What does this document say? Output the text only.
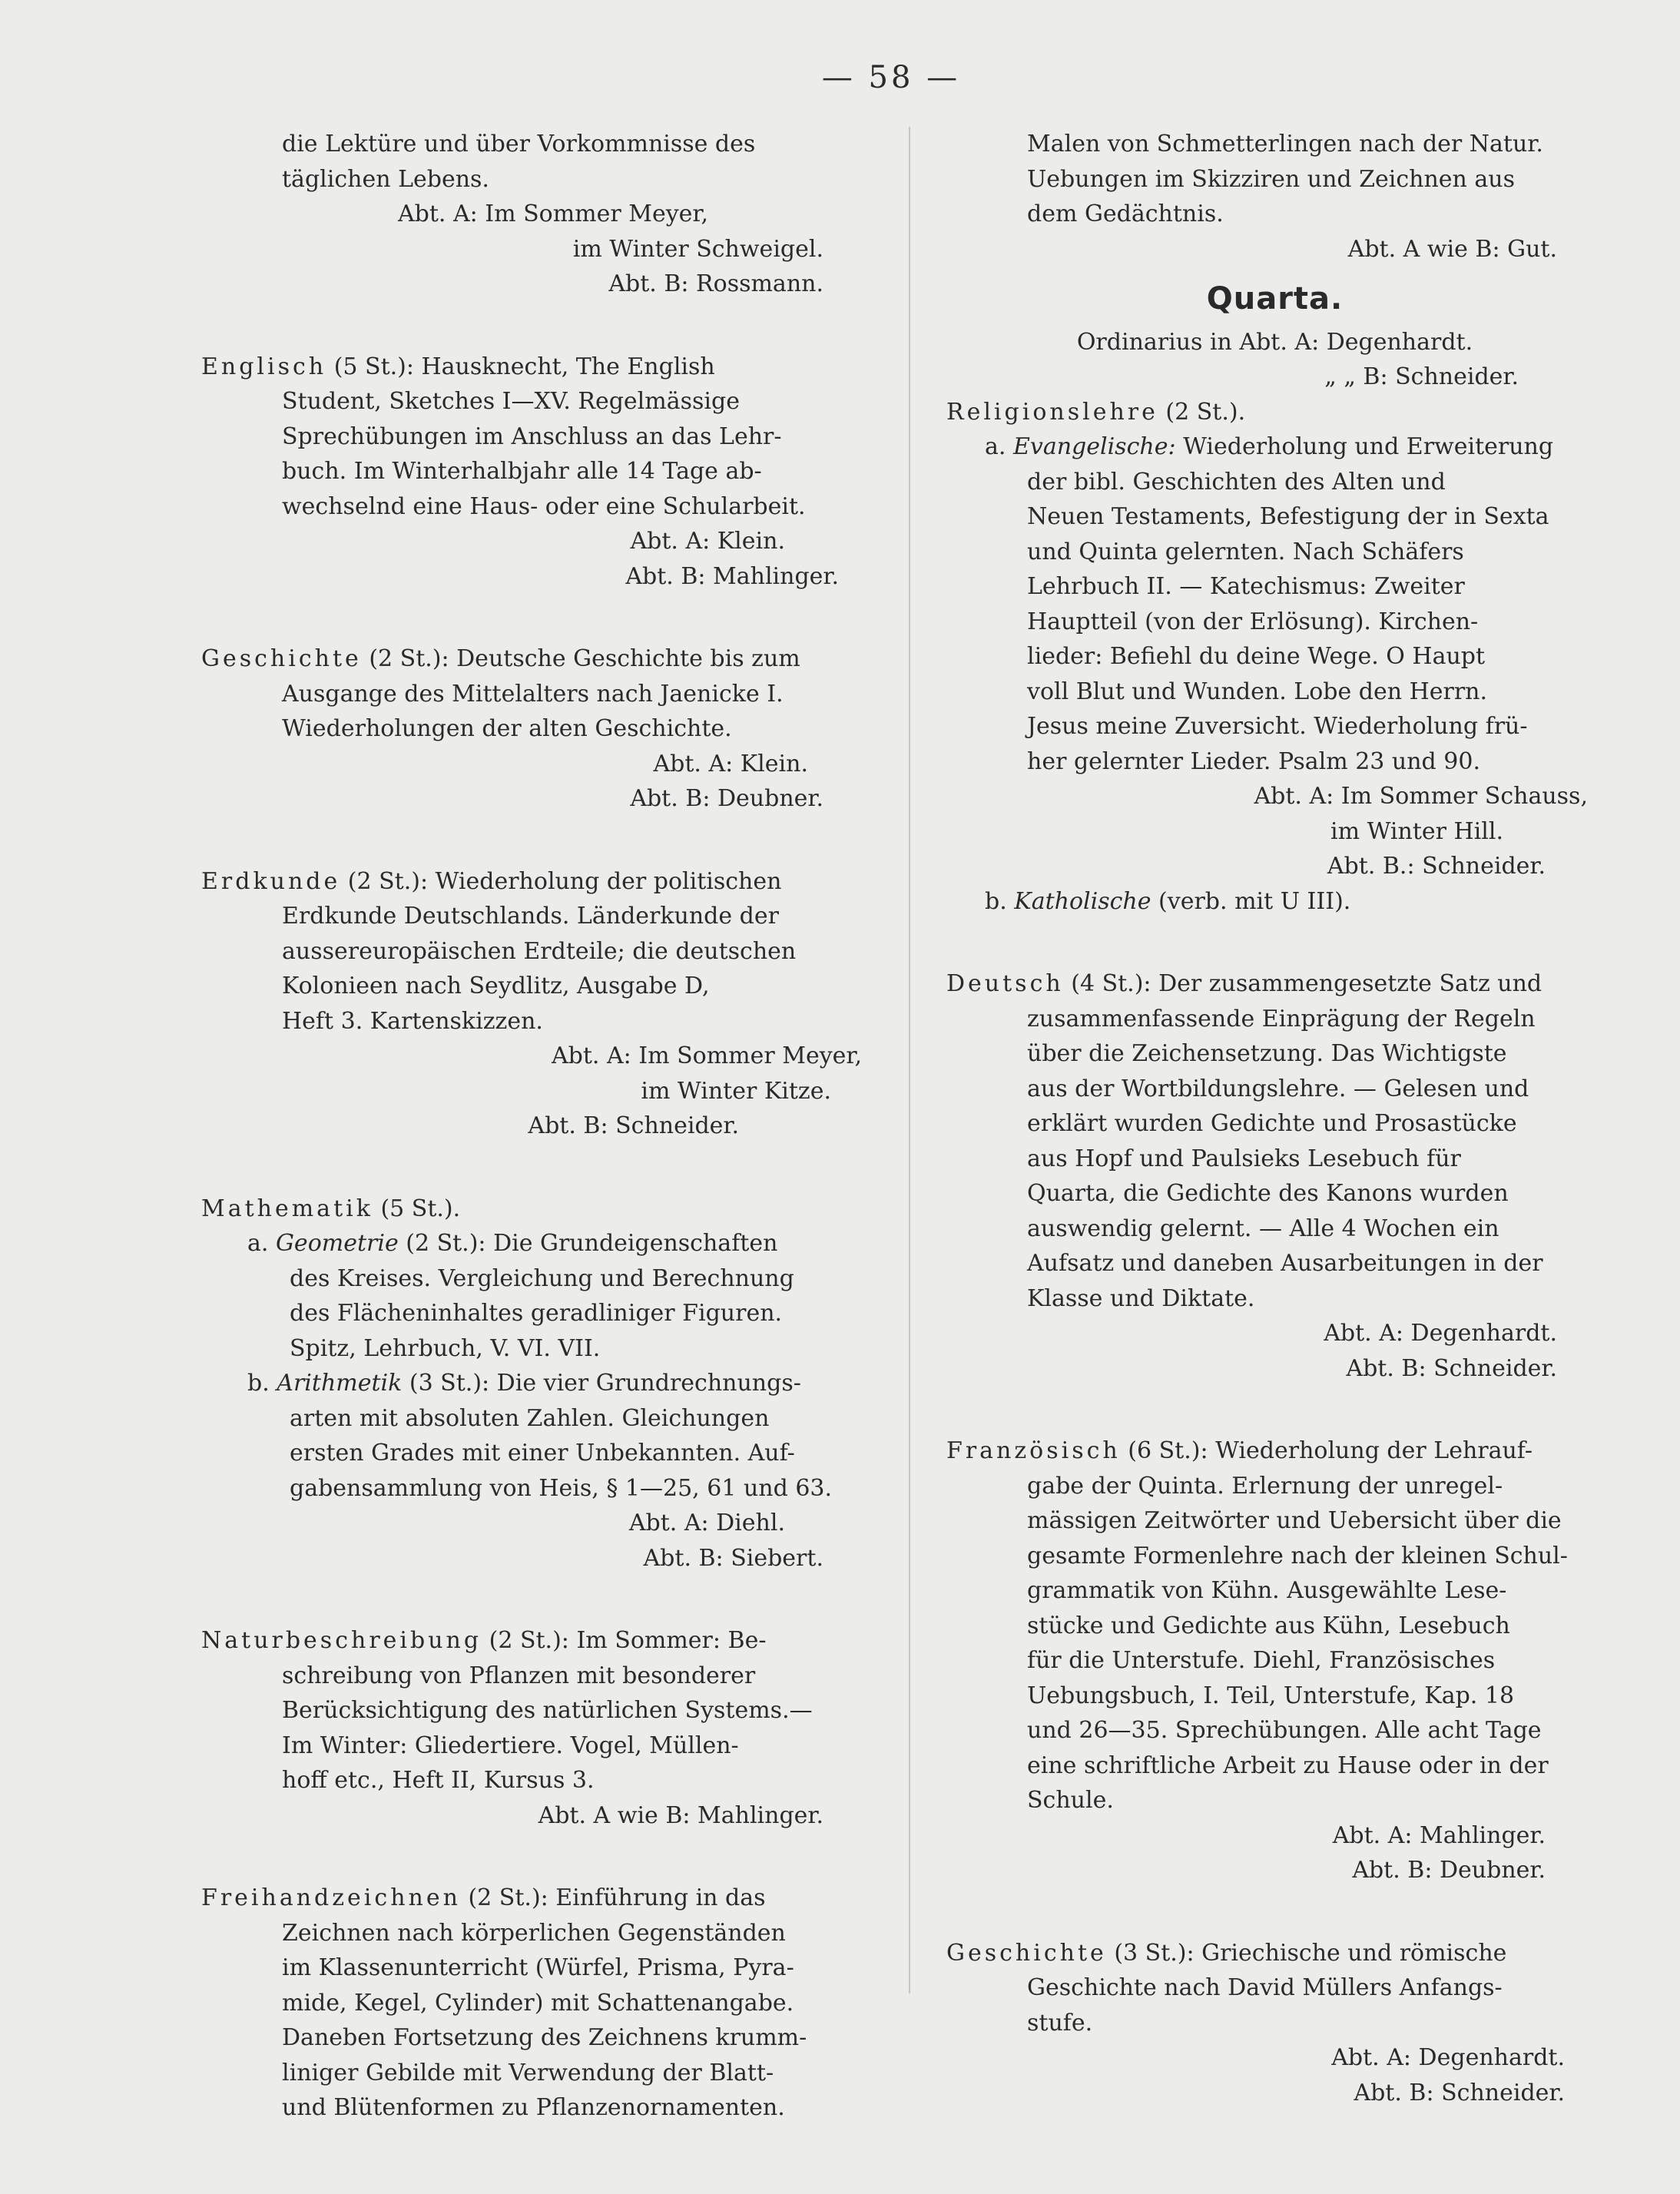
— 58 —
die Lektüre und über Vorkommnisse des
täglichen Lebens.
Abt. A: Im Sommer Meyer,
im Winter Schweigel.
Abt. B: Rossmann.
Englisch (5 St.): Hausknecht, The English
Student, Sketches I—XV. Regelmässige
Sprechübungen im Anschluss an das Lehr-
buch. Im Winterhalbjahr alle 14 Tage ab-
wechselnd eine Haus- oder eine Schularbeit.
Abt. A: Klein.
Abt. B: Mahlinger.
Geschichte (2 St.): Deutsche Geschichte bis zum
Ausgange des Mittelalters nach Jaenicke I.
Wiederholungen der alten Geschichte.
Abt. A: Klein.
Abt. B: Deubner.
Erdkunde (2 St.): Wiederholung der politischen
Erdkunde Deutschlands. Länderkunde der
aussereuropäischen Erdteile; die deutschen
Kolonieen nach Seydlitz, Ausgabe D,
Heft 3. Kartenskizzen.
Abt. A: Im Sommer Meyer,
im Winter Kitze.
Abt. B: Schneider.
Mathematik (5 St.).
a. Geometrie (2 St.): Die Grundeigenschaften
des Kreises. Vergleichung und Berechnung
des Flächeninhaltes geradliniger Figuren.
Spitz, Lehrbuch, V. VI. VII.
b. Arithmetik (3 St.): Die vier Grundrechnungs-
arten mit absoluten Zahlen. Gleichungen
ersten Grades mit einer Unbekannten. Auf-
gabensammlung von Heis, § 1—25, 61 und 63.
Abt. A: Diehl.
Abt. B: Siebert.
Naturbeschreibung (2 St.): Im Sommer: Be-
schreibung von Pflanzen mit besonderer
Berücksichtigung des natürlichen Systems.—
Im Winter: Gliedertiere. Vogel, Müllen-
hoff etc., Heft II, Kursus 3.
Abt. A wie B: Mahlinger.
Freihandzeichnen (2 St.): Einführung in das
Zeichnen nach körperlichen Gegenständen
im Klassenunterricht (Würfel, Prisma, Pyra-
mide, Kegel, Cylinder) mit Schattenangabe.
Daneben Fortsetzung des Zeichnens krumm-
liniger Gebilde mit Verwendung der Blatt-
und Blütenformen zu Pflanzenornamenten.
Malen von Schmetterlingen nach der Natur.
Uebungen im Skizziren und Zeichnen aus
dem Gedächtnis.
Abt. A wie B: Gut.
Quarta.
Ordinarius in Abt. A: Degenhardt.
„ „ B: Schneider.
Religionslehre (2 St.).
a. Evangelische: Wiederholung und Erweiterung
der bibl. Geschichten des Alten und
Neuen Testaments, Befestigung der in Sexta
und Quinta gelernten. Nach Schäfers
Lehrbuch II. — Katechismus: Zweiter
Hauptteil (von der Erlösung). Kirchen-
lieder: Befiehl du deine Wege. O Haupt
voll Blut und Wunden. Lobe den Herrn.
Jesus meine Zuversicht. Wiederholung frü-
her gelernter Lieder. Psalm 23 und 90.
Abt. A: Im Sommer Schauss,
im Winter Hill.
Abt. B.: Schneider.
b. Katholische (verb. mit U III).
Deutsch (4 St.): Der zusammengesetzte Satz und
zusammenfassende Einprägung der Regeln
über die Zeichensetzung. Das Wichtigste
aus der Wortbildungslehre. — Gelesen und
erklärt wurden Gedichte und Prosastücke
aus Hopf und Paulsieks Lesebuch für
Quarta, die Gedichte des Kanons wurden
auswendig gelernt. — Alle 4 Wochen ein
Aufsatz und daneben Ausarbeitungen in der
Klasse und Diktate.
Abt. A: Degenhardt.
Abt. B: Schneider.
Französisch (6 St.): Wiederholung der Lehrauf-
gabe der Quinta. Erlernung der unregel-
mässigen Zeitwörter und Uebersicht über die
gesamte Formenlehre nach der kleinen Schul-
grammatik von Kühn. Ausgewählte Lese-
stücke und Gedichte aus Kühn, Lesebuch
für die Unterstufe. Diehl, Französisches
Uebungsbuch, I. Teil, Unterstufe, Kap. 18
und 26—35. Sprechübungen. Alle acht Tage
eine schriftliche Arbeit zu Hause oder in der
Schule.
Abt. A: Mahlinger.
Abt. B: Deubner.
Geschichte (3 St.): Griechische und römische
Geschichte nach David Müllers Anfangs-
stufe.
Abt. A: Degenhardt.
Abt. B: Schneider.
